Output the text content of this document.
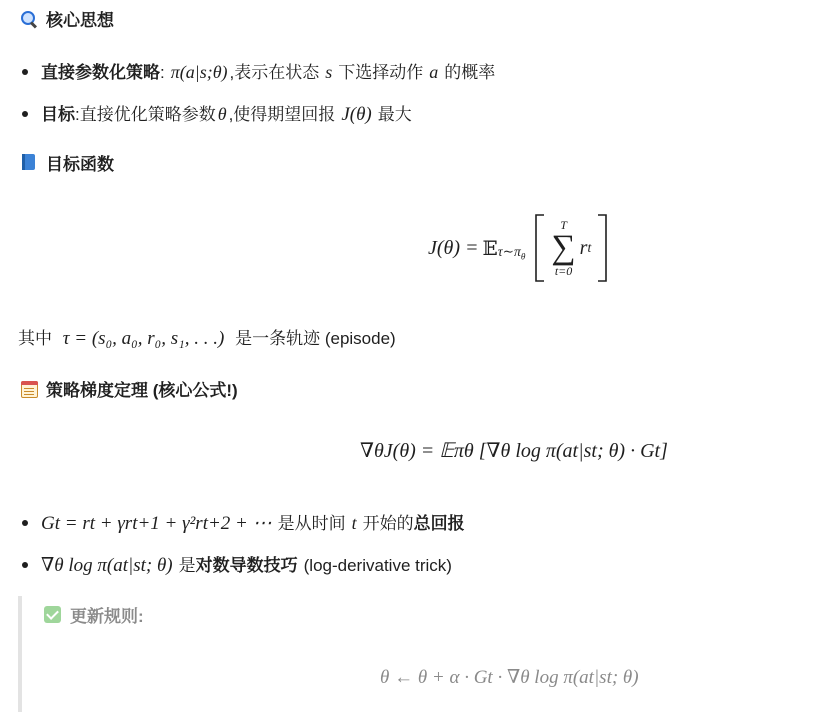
核心思想
直接参数化策略 : π(a|s;θ) ,表示在状态 s 下选择动作 a 的概率
目标 :直接优化策略参数 θ ,使得期望回报 J(θ) 最大
目标函数
J(θ) = 𝔼 $_{\tau\sim\pi_\theta}$
T
∑
t=0
r t
其中 τ = (s₀, a₀, r₀, s₁, . . .) 是一条轨迹 (episode)
策略梯度定理 (核心公式!)
∇θJ(θ) = 𝔼πθ [∇θ log π(at|st; θ) · Gt]
Gt = rt + γrt+1 + γ²rt+2 + ⋯ 是从时间 t 开始的 总回报
∇θ log π(at|st; θ) 是 对数导数技巧 (log-derivative trick)
更新规则:
θ ← θ + α · Gt · ∇θ log π(at|st; θ)
